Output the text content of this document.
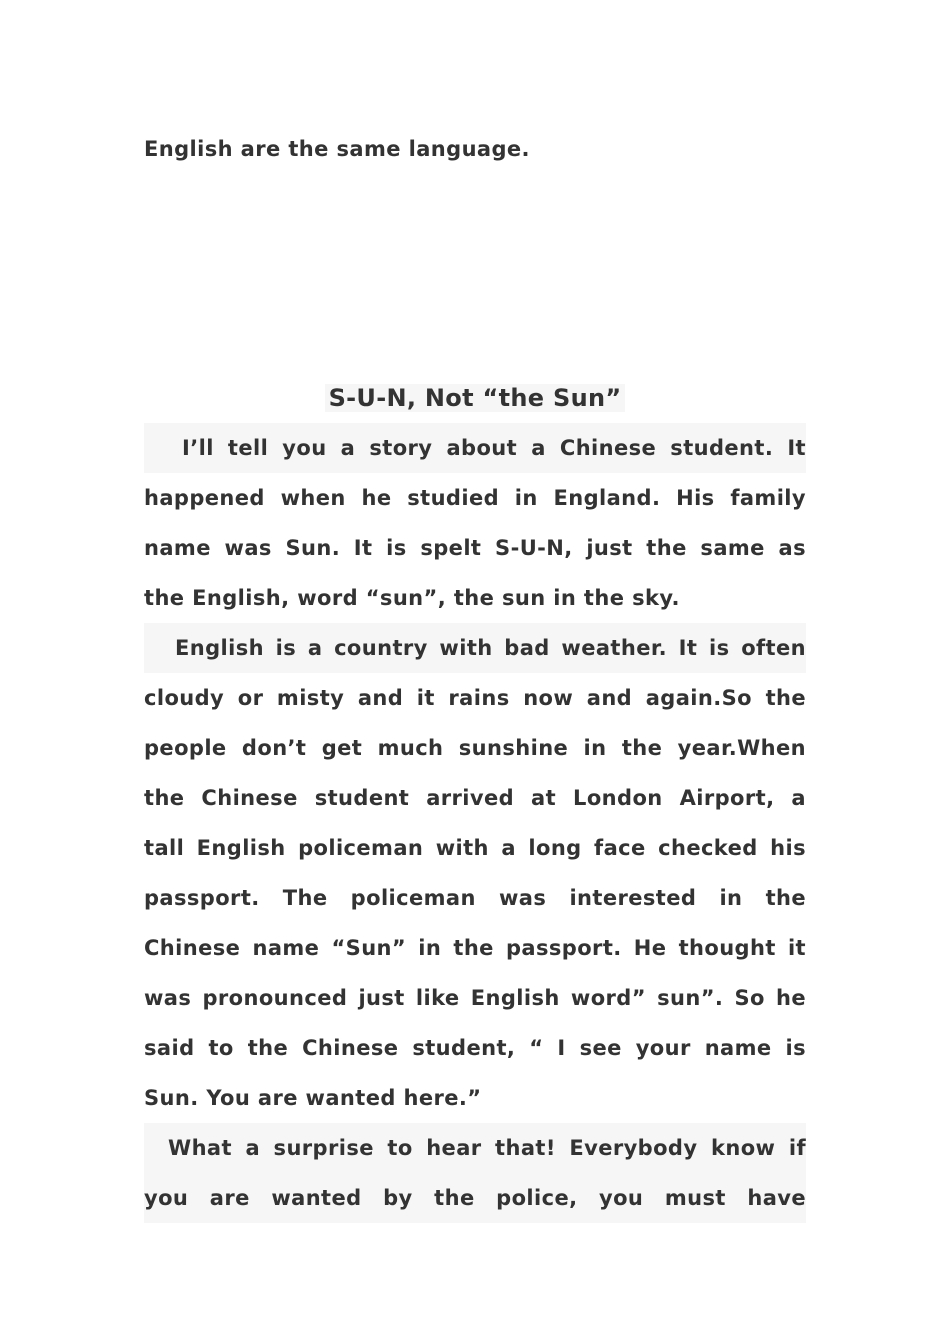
English are the same language.
S-U-N, Not “the Sun”
I’ll tell you a story about a Chinese student. It
happened when he studied in England. His family
name was Sun. It is spelt S-U-N, just the same as
the English, word “sun”, the sun in the sky.
English is a country with bad weather. It is often
cloudy or misty and it rains now and again.So the
people don’t get much sunshine in the year.When
the Chinese student arrived at London Airport, a
tall English policeman with a long face checked his
passport. The policeman was interested in the
Chinese name “Sun” in the passport. He thought it
was pronounced just like English word” sun”. So he
said to the Chinese student, “ I see your name is
Sun. You are wanted here.”
What a surprise to hear that! Everybody know if
you are wanted by the police, you must have
